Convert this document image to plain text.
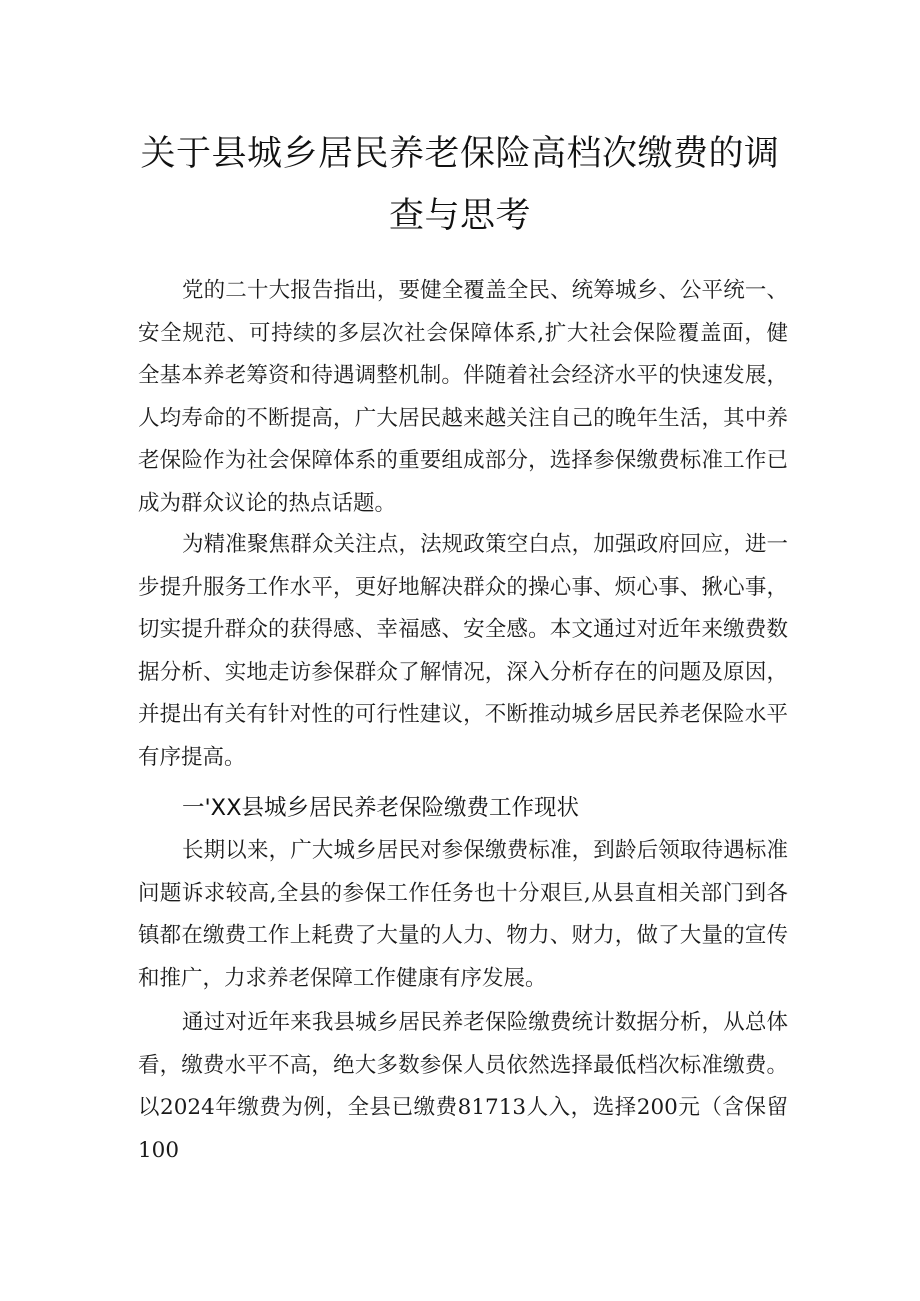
关于县城乡居民养老保险高档次缴费的调
查与思考

党的二十大报告指出，要健全覆盖全民、统筹城乡、公平统一、安全规范、可持续的多层次社会保障体系,扩大社会保险覆盖面，健全基本养老筹资和待遇调整机制。伴随着社会经济水平的快速发展，人均寿命的不断提高，广大居民越来越关注自己的晚年生活，其中养老保险作为社会保障体系的重要组成部分，选择参保缴费标准工作已成为群众议论的热点话题。

为精准聚焦群众关注点，法规政策空白点，加强政府回应，进一步提升服务工作水平，更好地解决群众的操心事、烦心事、揪心事，切实提升群众的获得感、幸福感、安全感。本文通过对近年来缴费数据分析、实地走访参保群众了解情况，深入分析存在的问题及原因，并提出有关有针对性的可行性建议，不断推动城乡居民养老保险水平有序提高。

一'XX县城乡居民养老保险缴费工作现状

长期以来，广大城乡居民对参保缴费标准，到龄后领取待遇标准问题诉求较高,全县的参保工作任务也十分艰巨,从县直相关部门到各镇都在缴费工作上耗费了大量的人力、物力、财力，做了大量的宣传和推广，力求养老保障工作健康有序发展。

通过对近年来我县城乡居民养老保险缴费统计数据分析，从总体看，缴费水平不高，绝大多数参保人员依然选择最低档次标准缴费。以2024年缴费为例，全县已缴费81713人入，选择200元（含保留100
